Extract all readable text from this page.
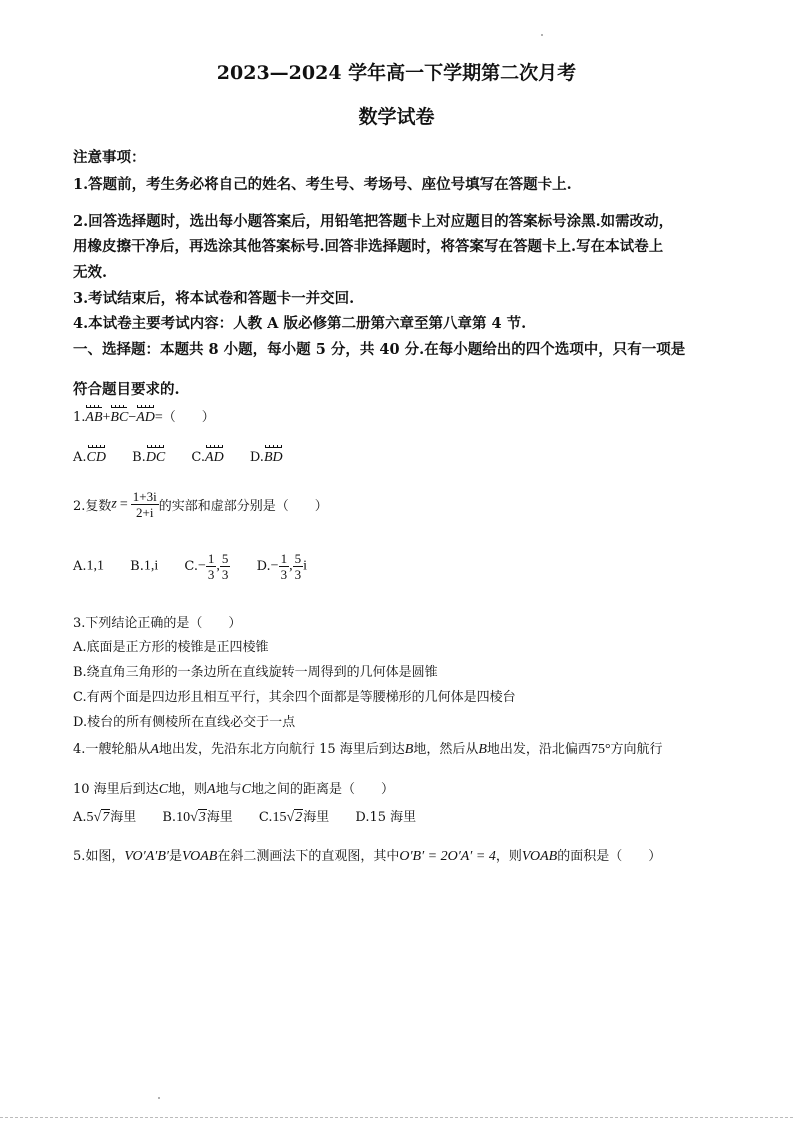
2023—2024 学年高一下学期第二次月考
数学试卷
注意事项：
1.答题前，考生务必将自己的姓名、考生号、考场号、座位号填写在答题卡上.
2.回答选择题时，选出每小题答案后，用铅笔把答题卡上对应题目的答案标号涂黑.如需改动，
用橡皮擦干净后，再选涂其他答案标号.回答非选择题时，将答案写在答题卡上.写在本试卷上
无效.
3.考试结束后，将本试卷和答题卡一并交回.
4.本试卷主要考试内容：人教 A 版必修第二册第六章至第八章第 4 节.
一、选择题：本题共 8 小题，每小题 5 分，共 40 分.在每小题给出的四个选项中，只有一项是
符合题目要求的.
1.AB+BC−AD=（　　）
A.CD B.DC C.AD D.BD
2.复数$z = \frac{1+3i}{2+i}$ 的实部和虚部分别是（　　）
A.1,1 B.1,i $C.- \frac{1}{3}$ , $\frac{5}{3} D.- \frac{1}{3}$ , $\frac{5}{3}$ i
3.下列结论正确的是（　　）
A.底面是正方形的棱锥是正四棱锥
B.绕直角三角形的一条边所在直线旋转一周得到的几何体是圆锥
C.有两个面是四边形且相互平行，其余四个面都是等腰梯形的几何体是四棱台
D.棱台的所有侧棱所在直线必交于一点
4.一艘轮船从A地出发，先沿东北方向航行 15 海里后到达B地，然后从B地出发，沿北偏西75°方向航行
10 海里后到达C地，则A地与C地之间的距离是（　　）
A.5√7海里 B.10√3海里 C.15√2海里 D.15 海里
5.如图，VO′A′B′是VOAB在斜二测画法下的直观图，其中O′B′ = 2O′A′ = 4，则VOAB的面积是（　　）
